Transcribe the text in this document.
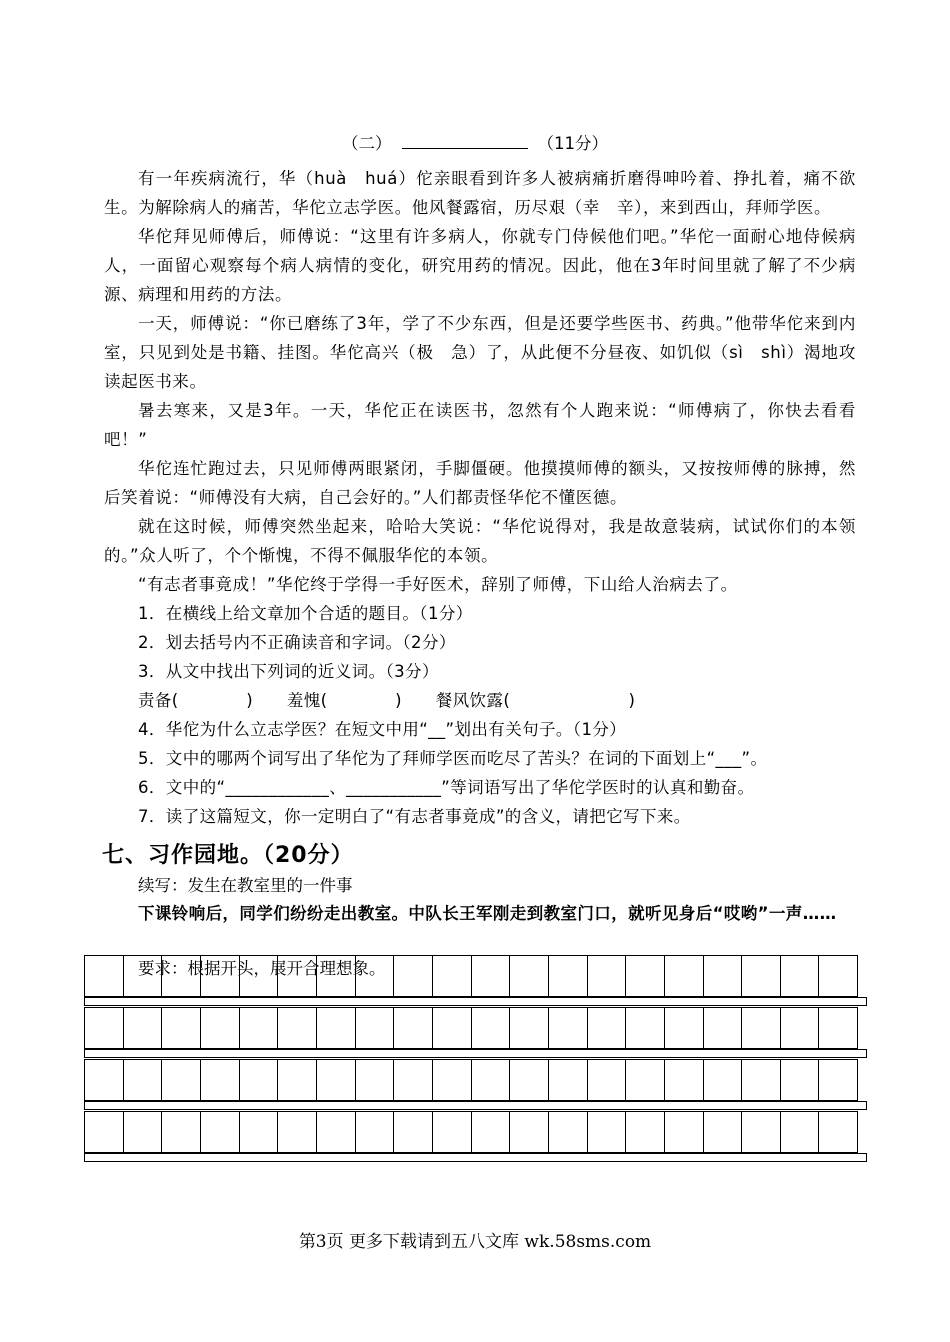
（二）	（11分）

有一年疾病流行，华（huà　huá）佗亲眼看到许多人被病痛折磨得呻吟着、挣扎着，痛不欲生。为解除病人的痛苦，华佗立志学医。他风餐露宿，历尽艰（幸　辛），来到西山，拜师学医。

华佗拜见师傅后，师傅说：“这里有许多病人，你就专门侍候他们吧。”华佗一面耐心地侍候病人，一面留心观察每个病人病情的变化，研究用药的情况。因此，他在3年时间里就了解了不少病源、病理和用药的方法。

一天，师傅说：“你已磨练了3年，学了不少东西，但是还要学些医书、药典。”他带华佗来到内室，只见到处是书籍、挂图。华佗高兴（极　急）了，从此便不分昼夜、如饥似（sì　shì）渴地攻读起医书来。

暑去寒来，又是3年。一天，华佗正在读医书，忽然有个人跑来说：“师傅病了，你快去看看吧！”

华佗连忙跑过去，只见师傅两眼紧闭，手脚僵硬。他摸摸师傅的额头，又按按师傅的脉搏，然后笑着说：“师傅没有大病，自己会好的。”人们都责怪华佗不懂医德。

就在这时候，师傅突然坐起来，哈哈大笑说：“华佗说得对，我是故意装病，试试你们的本领的。”众人听了，个个惭愧，不得不佩服华佗的本领。

“有志者事竟成！”华佗终于学得一手好医术，辞别了师傅，下山给人治病去了。

1．在横线上给文章加个合适的题目。（1分）

2．划去括号内不正确读音和字词。（2分）

3．从文中找出下列词的近义词。（3分）

责备(　　　　)　　羞愧(　　　　)　　餐风饮露(　　　　　　　)

4．华佗为什么立志学医？在短文中用“__”划出有关句子。（1分）

5．文中的哪两个词写出了华佗为了拜师学医而吃尽了苦头？在词的下面划上“___”。

6．文中的“____________、___________”等词语写出了华佗学医时的认真和勤奋。

7．读了这篇短文，你一定明白了“有志者事竟成”的含义，请把它写下来。

七、习作园地。（20分）
续写：发生在教室里的一件事

下课铃响后，同学们纷纷走出教室。中队长王军刚走到教室门口，就听见身后“哎哟”一声……

要求：根据开头，展开合理想象。
第3页 更多下载请到五八文库 wk.58sms.com
